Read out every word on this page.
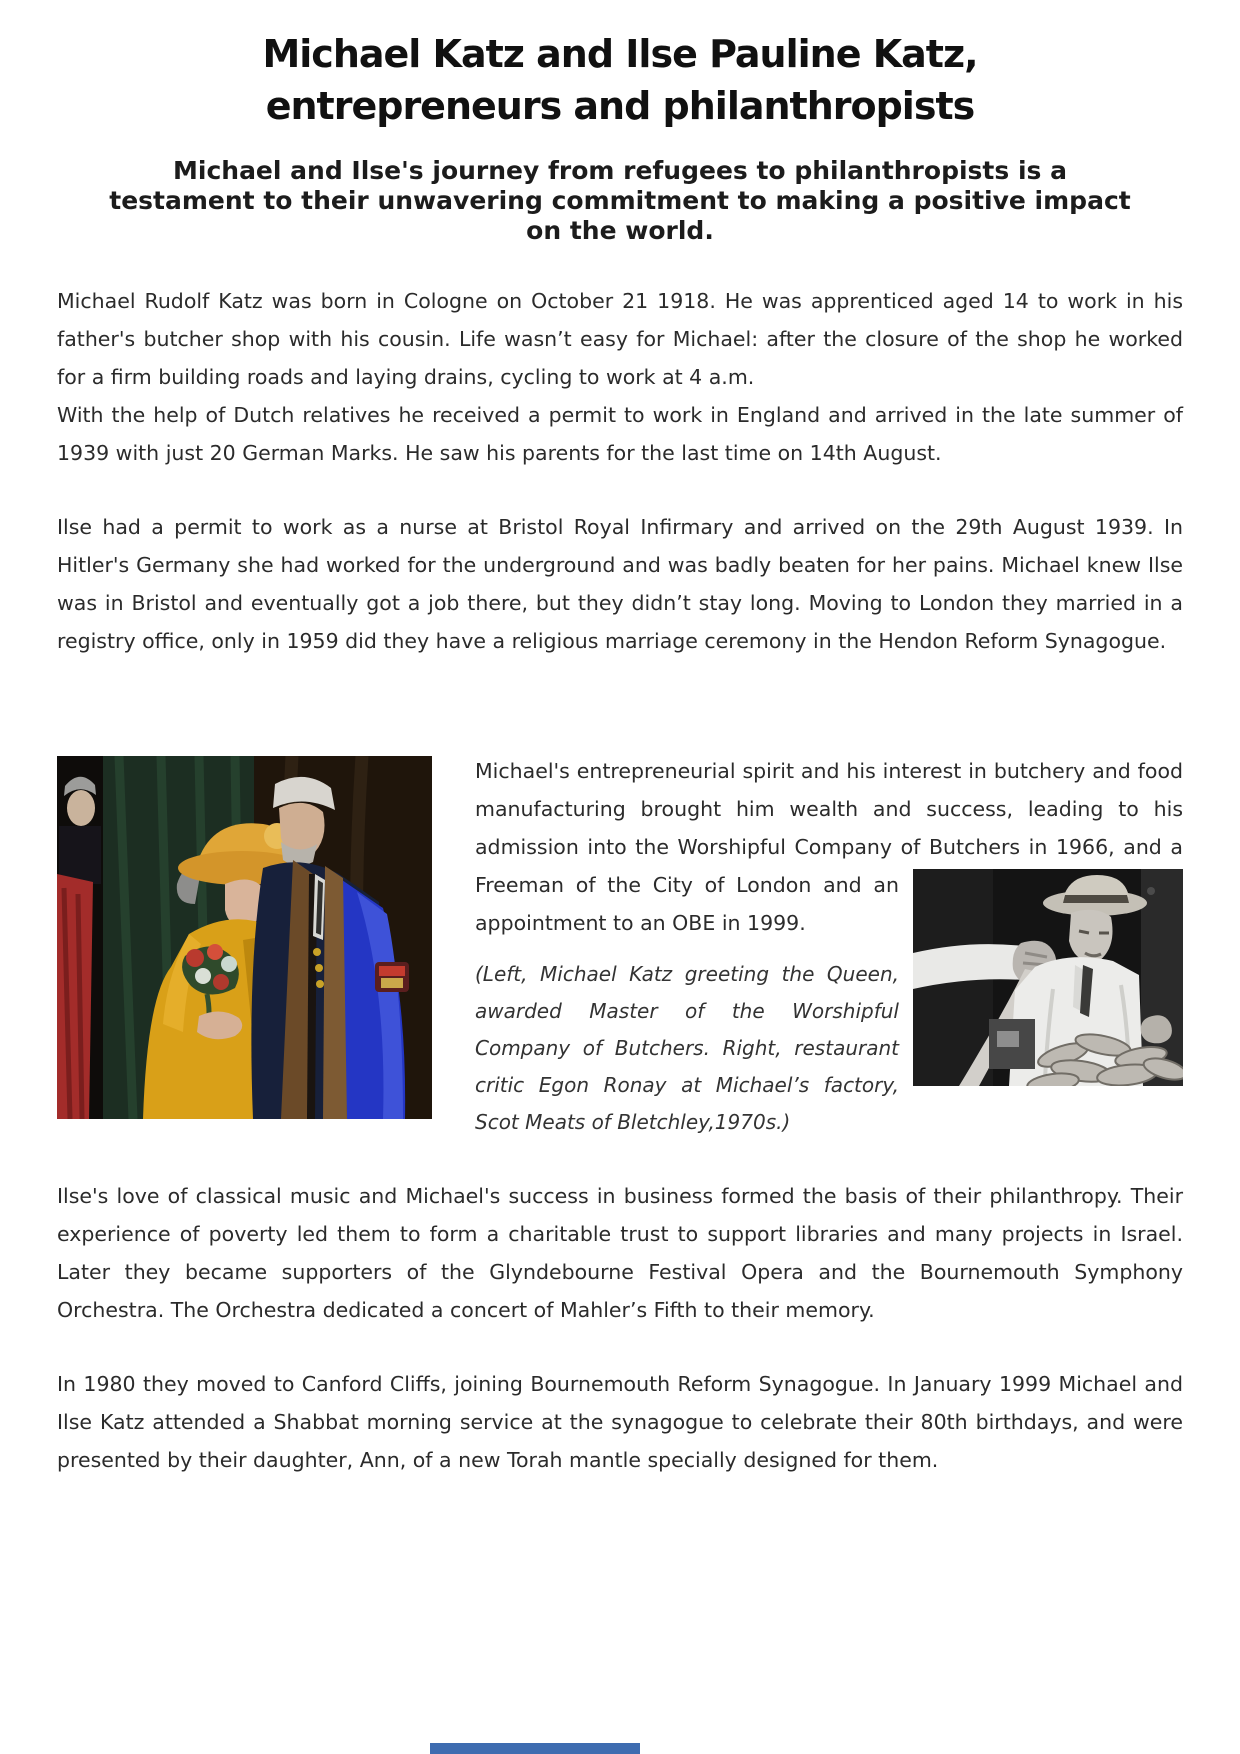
Michael Katz and Ilse Pauline Katz,
entrepreneurs and philanthropists
Michael and Ilse's journey from refugees to philanthropists is a testament to their unwavering commitment to making a positive impact on the world.

Michael Rudolf Katz was born in Cologne on October 21 1918. He was apprenticed aged 14 to work in his father's butcher shop with his cousin. Life wasn’t easy for Michael: after the closure of the shop he worked for a firm building roads and laying drains, cycling to work at 4 a.m.
With the help of Dutch relatives he received a permit to work in England and arrived in the late summer of 1939 with just 20 German Marks. He saw his parents for the last time on 14th August.

Ilse had a permit to work as a nurse at Bristol Royal Infirmary and arrived on the 29th August 1939. In Hitler's Germany she had worked for the underground and was badly beaten for her pains. Michael knew Ilse was in Bristol and eventually got a job there, but they didn’t stay long. Moving to London they married in a registry office, only in 1959 did they have a religious marriage ceremony in the Hendon Reform Synagogue.

Michael's entrepreneurial spirit and his interest in butchery and food manufacturing brought him wealth and success, leading to his admission into the Worshipful Company of Butchers in 1966, and a Freeman of the City of London and an appointment to an OBE in 1999.

(Left, Michael Katz greeting the Queen, awarded Master of the Worshipful Company of Butchers. Right, restaurant critic Egon Ronay at Michael’s factory, Scot Meats of Bletchley,1970s.)

Ilse's love of classical music and Michael's success in business formed the basis of their philanthropy. Their experience of poverty led them to form a charitable trust to support libraries and many projects in Israel. Later they became supporters of the Glyndebourne Festival Opera and the Bournemouth Symphony Orchestra. The Orchestra dedicated a concert of Mahler’s Fifth to their memory.

In 1980 they moved to Canford Cliffs, joining Bournemouth Reform Synagogue. In January 1999 Michael and Ilse Katz attended a Shabbat morning service at the synagogue to celebrate their 80th birthdays, and were presented by their daughter, Ann, of a new Torah mantle specially designed for them.
